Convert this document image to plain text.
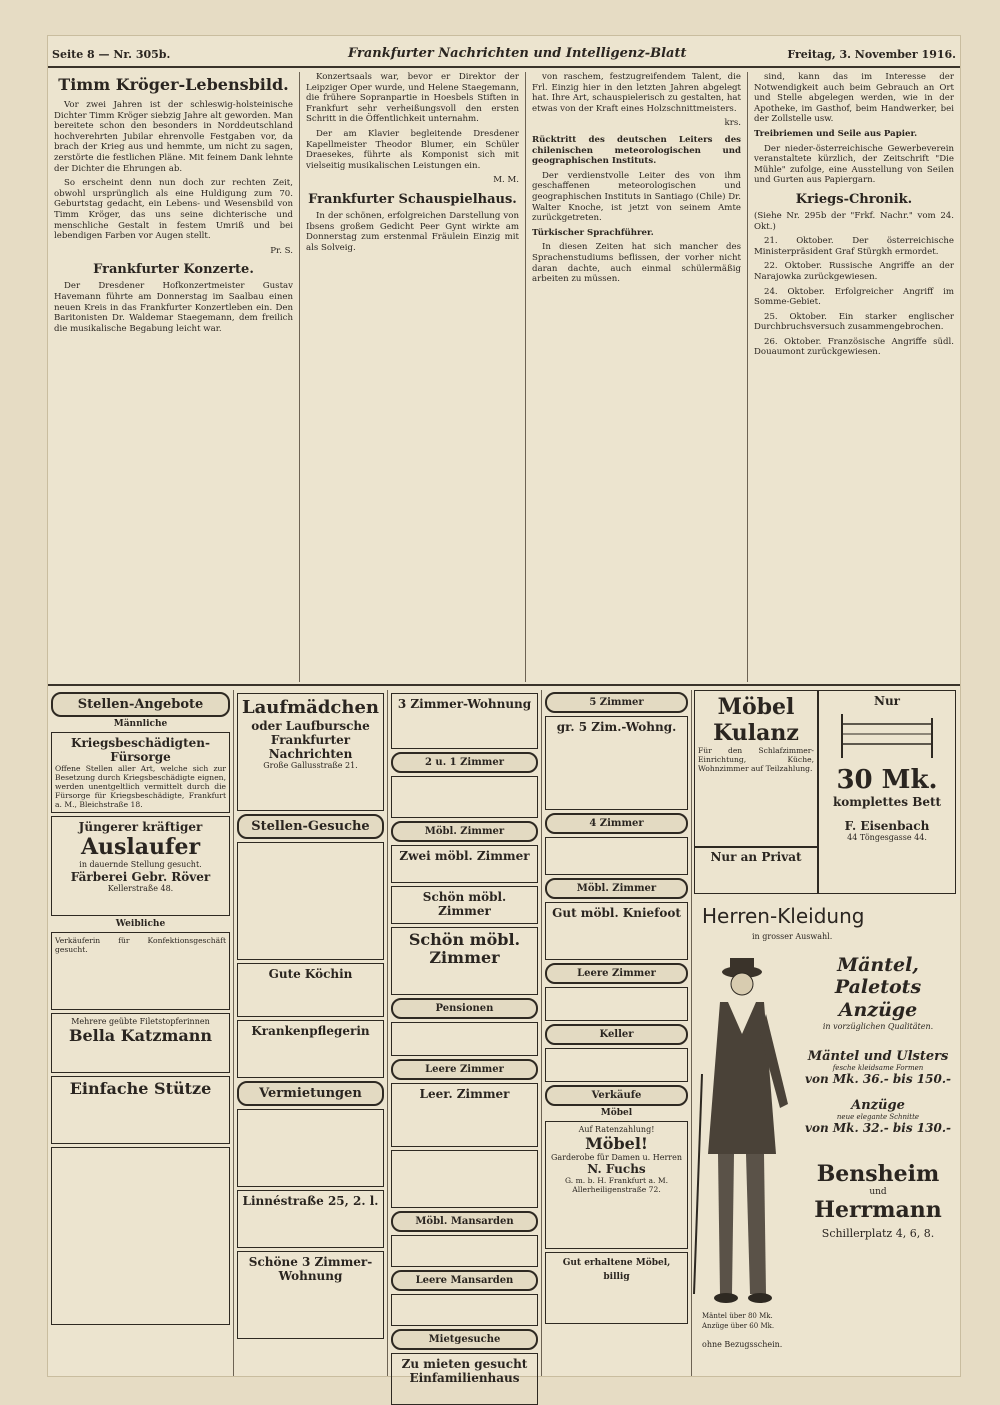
Seite 8 — Nr. 305b.	Frankfurter Nachrichten und Intelligenz-Blatt	Freitag, 3. November 1916.
Timm Kröger-Lebensbild.

Vor zwei Jahren ist der schleswig-holsteinische Dichter Timm Kröger siebzig Jahre alt geworden. Man bereitete schon den besonders in Norddeutschland hochverehrten Jubilar ehrenvolle Festgaben vor, da brach der Krieg aus und hemmte, um nicht zu sagen, zerstörte die festlichen Pläne. Mit feinem Dank lehnte der Dichter die Ehrungen ab.

So erscheint denn nun doch zur rechten Zeit, obwohl ursprünglich als eine Huldigung zum 70. Geburtstag gedacht, ein Lebens- und Wesensbild von Timm Kröger, das uns seine dichterische und menschliche Gestalt in festem Umriß und bei lebendigen Farben vor Augen stellt.

Pr. S.
Frankfurter Konzerte.

Der Dresdener Hofkonzertmeister Gustav Havemann führte am Donnerstag im Saalbau einen neuen Kreis in das Frankfurter Konzertleben ein. Den Baritonisten Dr. Waldemar Staegemann, dem freilich die musikalische Begabung leicht war.

Konzertsaals war, bevor er Direktor der Leipziger Oper wurde, und Helene Staegemann, die frühere Sopranpartie in Hoesbels Stiften in Frankfurt sehr verheißungsvoll den ersten Schritt in die Öffentlichkeit unternahm.

Der am Klavier begleitende Dresdener Kapellmeister Theodor Blumer, ein Schüler Draesekes, führte als Komponist sich mit vielseitig musikalischen Leistungen ein.

M. M.
Frankfurter Schauspielhaus.

In der schönen, erfolgreichen Darstellung von Ibsens großem Gedicht Peer Gynt wirkte am Donnerstag zum erstenmal Fräulein Einzig mit als Solveig.

von raschem, festzugreifendem Talent, die Frl. Einzig hier in den letzten Jahren abgelegt hat. Ihre Art, schauspielerisch zu gestalten, hat etwas von der Kraft eines Holzschnittmeisters.

krs.

Rücktritt des deutschen Leiters des chilenischen meteorologischen und geographischen Instituts.

Der verdienstvolle Leiter des von ihm geschaffenen meteorologischen und geographischen Instituts in Santiago (Chile) Dr. Walter Knoche, ist jetzt von seinem Amte zurückgetreten.

Türkischer Sprachführer.

In diesen Zeiten hat sich mancher des Sprachenstudiums beflissen, der vorher nicht daran dachte, auch einmal schülermäßig arbeiten zu müssen.

sind, kann das im Interesse der Notwendigkeit auch beim Gebrauch an Ort und Stelle abgelegen werden, wie in der Apotheke, im Gasthof, beim Handwerker, bei der Zollstelle usw.

Treibriemen und Seile aus Papier.

Der nieder-österreichische Gewerbeverein veranstaltete kürzlich, der Zeitschrift "Die Mühle" zufolge, eine Ausstellung von Seilen und Gurten aus Papiergarn.

Kriegs-Chronik.

(Siehe Nr. 295b der "Frkf. Nachr." vom 24. Okt.)

21. Oktober. Der österreichische Ministerpräsident Graf Stürgkh ermordet.

22. Oktober. Russische Angriffe an der Narajowka zurückgewiesen.

24. Oktober. Erfolgreicher Angriff im Somme-Gebiet.

25. Oktober. Ein starker englischer Durchbruchsversuch zusammengebrochen.

26. Oktober. Französische Angriffe südl. Douaumont zurückgewiesen.

Stellen-Angebote
Männliche
Kriegsbeschädigten-Fürsorge
Offene Stellen aller Art, welche sich zur Besetzung durch Kriegsbeschädigte eignen, werden unentgeltlich vermittelt durch die Fürsorge für Kriegsbeschädigte, Frankfurt a. M., Bleichstraße 18.
Jüngerer kräftiger
Auslaufer
in dauernde Stellung gesucht.
Färberei Gebr. Röver
Kellerstraße 48.
Weibliche
Verkäuferin für Konfektionsgeschäft gesucht.
Mehrere geübte Filetstopferinnen
Bella Katzmann
Einfache Stütze
Laufmädchen
oder Laufbursche
Frankfurter Nachrichten
Große Gallusstraße 21.
Stellen-Gesuche
Gute Köchin
Krankenpflegerin
Vermietungen
Linnéstraße 25, 2. l.
Schöne 3 Zimmer-Wohnung
3 Zimmer-Wohnung
2 u. 1 Zimmer
Möbl. Zimmer
Zwei möbl. Zimmer
Schön möbl. Zimmer
Schön möbl. Zimmer
Pensionen
Leere Zimmer
Leer. Zimmer
Möbl. Mansarden
Leere Mansarden
Mietgesuche
Zu mieten gesucht Einfamilienhaus
5 Zimmer
gr. 5 Zim.-Wohng.
4 Zimmer
Möbl. Zimmer
Gut möbl. Kniefoot
Leere Zimmer
Keller
Verkäufe
Möbel
Auf Ratenzahlung!
Möbel!
Garderobe für Damen u. Herren
N. Fuchs
G. m. b. H. Frankfurt a. M. Allerheiligenstraße 72.
Gut erhaltene Möbel, billig
Möbel
Kulanz
Für den Schlafzimmer-Einrichtung, Küche, Wohnzimmer auf Teilzahlung.
Nur
30 Mk.
komplettes Bett
F. Eisenbach
44 Töngesgasse 44.
Nur an Privat
Herren-Kleidung
in grosser Auswahl.
Mäntel über 80 Mk.
Anzüge über 60 Mk.
ohne Bezugsschein.
Mäntel, Paletots
Anzüge
in vorzüglichen Qualitäten.
Mäntel und Ulsters
fesche kleidsame Formen
von Mk. 36.- bis 150.-
Anzüge
neue elegante Schnitte
von Mk. 32.- bis 130.-
Bensheim
und
Herrmann
Schillerplatz 4, 6, 8.
